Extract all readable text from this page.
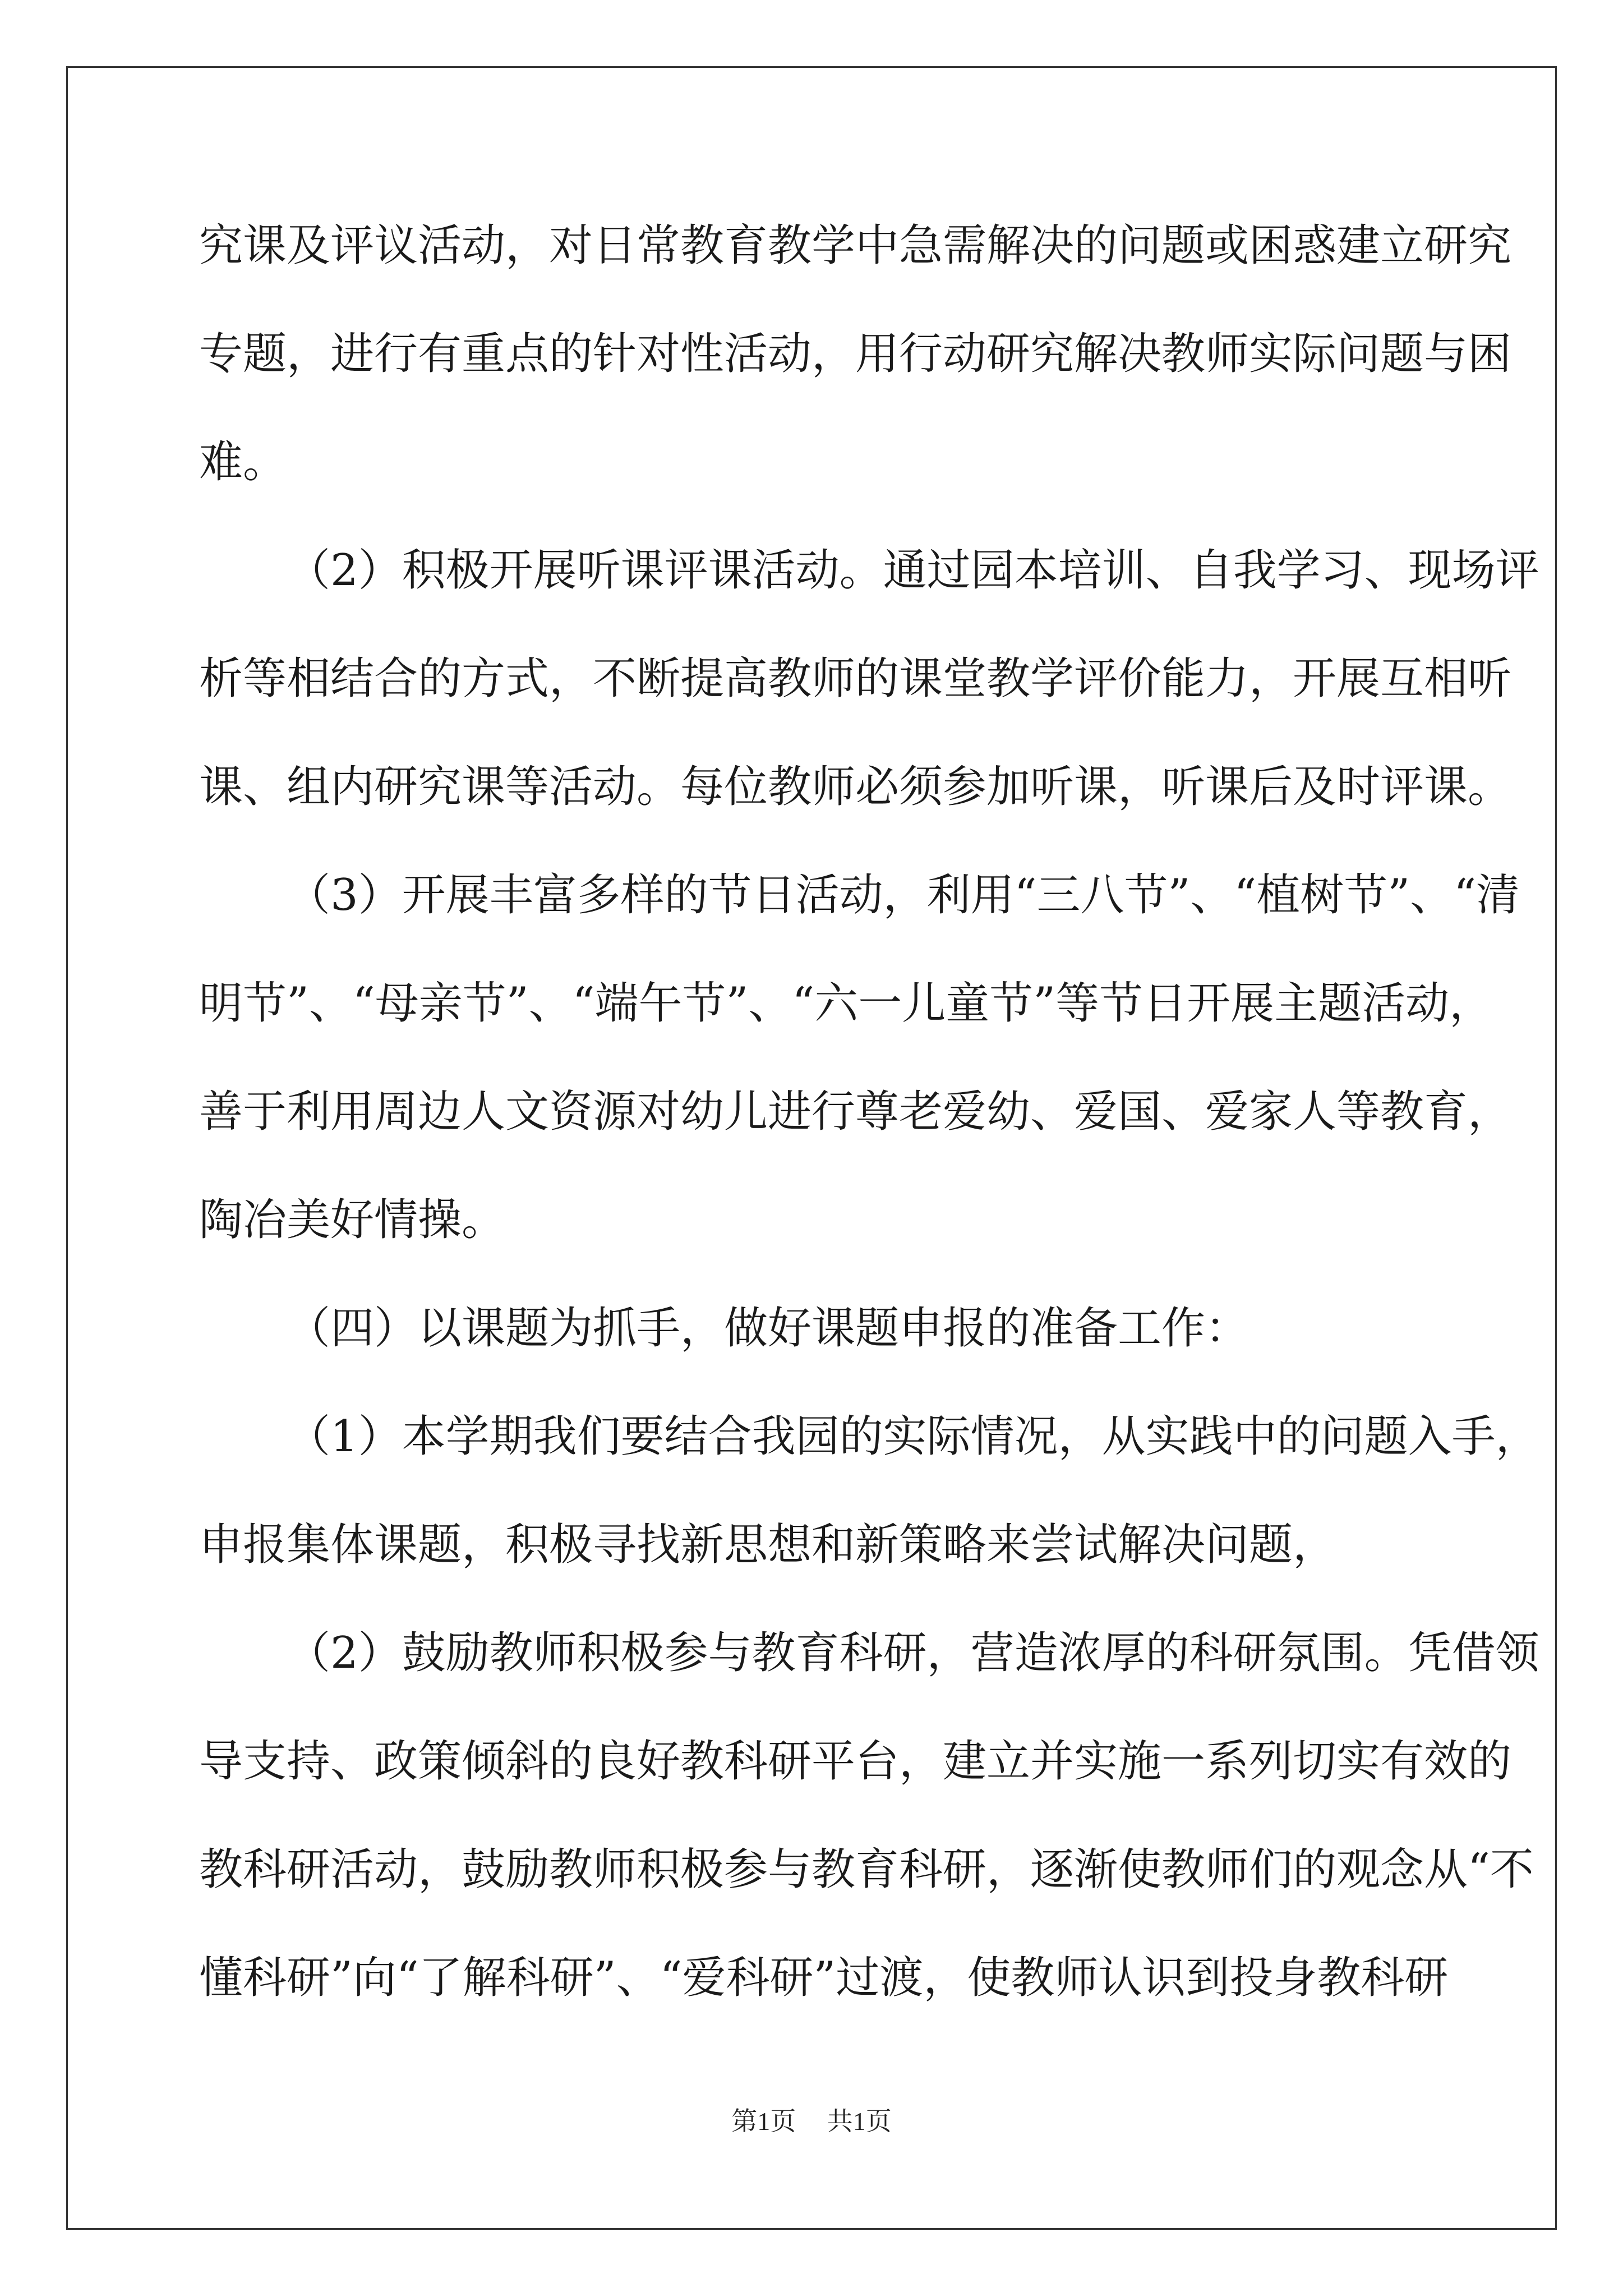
究课及评议活动，对日常教育教学中急需解决的问题或困惑建立研究
专题，进行有重点的针对性活动，用行动研究解决教师实际问题与困
难。
（2）积极开展听课评课活动。通过园本培训、自我学习、现场评
析等相结合的方式，不断提高教师的课堂教学评价能力，开展互相听
课、组内研究课等活动。每位教师必须参加听课，听课后及时评课。
（3）开展丰富多样的节日活动，利用“三八节”、“植树节”、“清
明节”、“母亲节”、“端午节”、“六一儿童节”等节日开展主题活动，
善于利用周边人文资源对幼儿进行尊老爱幼、爱国、爱家人等教育，
陶冶美好情操。
（四）以课题为抓手，做好课题申报的准备工作：
（1）本学期我们要结合我园的实际情况，从实践中的问题入手，
申报集体课题，积极寻找新思想和新策略来尝试解决问题，
（2）鼓励教师积极参与教育科研，营造浓厚的科研氛围。凭借领
导支持、政策倾斜的良好教科研平台，建立并实施一系列切实有效的
教科研活动，鼓励教师积极参与教育科研，逐渐使教师们的观念从“不
懂科研”向“了解科研”、“爱科研”过渡，使教师认识到投身教科研
第1页 共1页
